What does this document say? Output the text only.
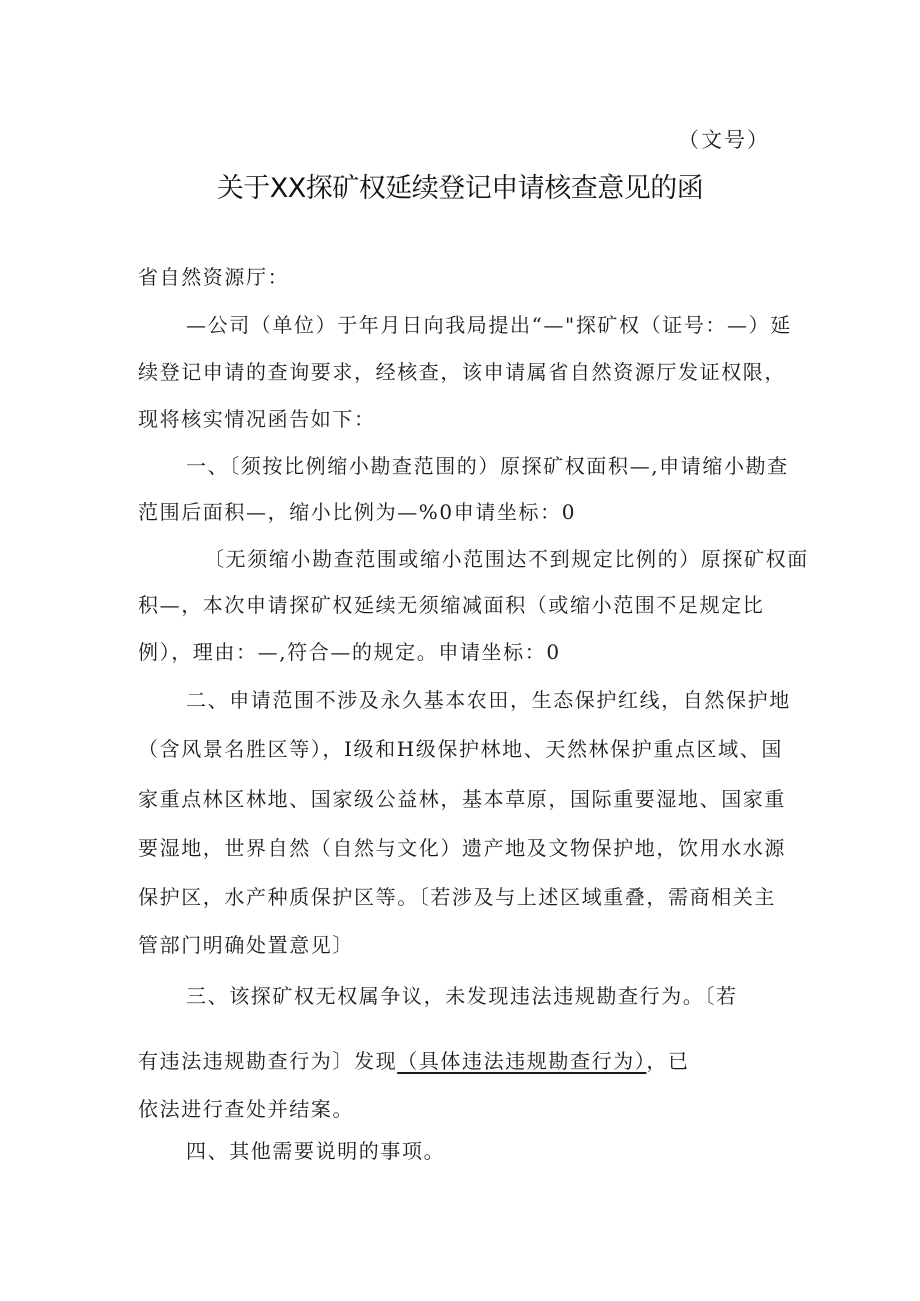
（文号）
关于XX探矿权延续登记申请核查意见的函
省自然资源厅：
—公司（单位）于年月日向我局提出“—"探矿权（证号：—）延
续登记申请的查询要求，经核查，该申请属省自然资源厅发证权限，
现将核实情况函告如下：
一、〔须按比例缩小勘查范围的）原探矿权面积—,申请缩小勘查
范围后面积—，缩小比例为—%0申请坐标：0
〔无须缩小勘查范围或缩小范围达不到规定比例的）原探矿权面
积—，本次申请探矿权延续无须缩减面积（或缩小范围不足规定比
例），理由：—,符合—的规定。申请坐标：0
二、申请范围不涉及永久基本农田，生态保护红线，自然保护地
（含风景名胜区等），I级和H级保护林地、天然林保护重点区域、国
家重点林区林地、国家级公益林，基本草原，国际重要湿地、国家重
要湿地，世界自然（自然与文化）遗产地及文物保护地，饮用水水源
保护区，水产种质保护区等。〔若涉及与上述区域重叠，需商相关主
管部门明确处置意见〕
三、该探矿权无权属争议，未发现违法违规勘查行为。〔若
有违法违规勘查行为〕发现（具体违法违规勘查行为），已
依法进行查处并结案。
四、其他需要说明的事项。
